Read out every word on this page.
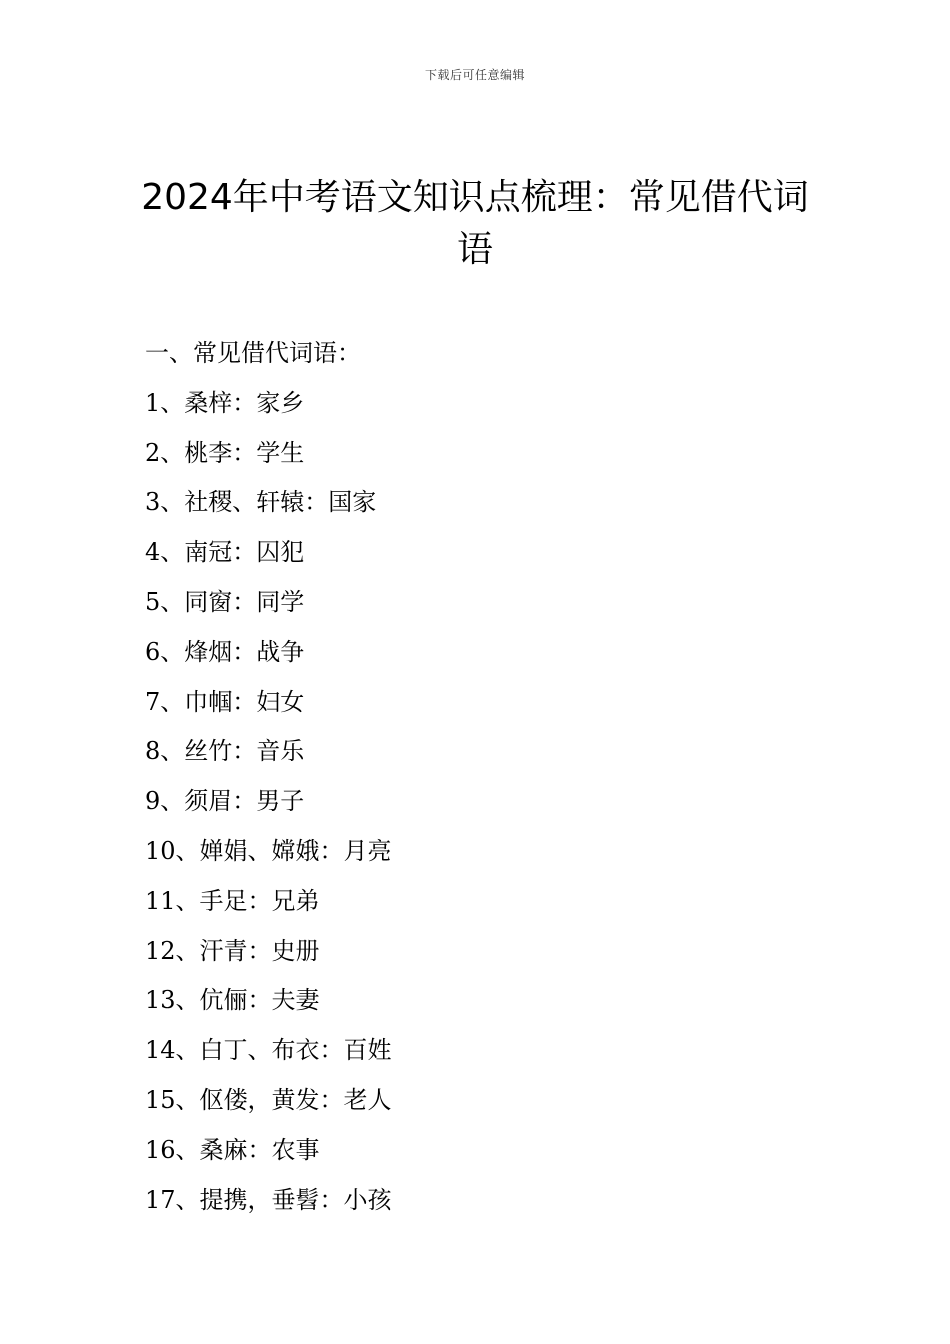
下载后可任意编辑
2024年中考语文知识点梳理：常见借代词语

一、常见借代词语：

1、桑梓：家乡
2、桃李：学生
3、社稷、轩辕：国家
4、南冠：囚犯
5、同窗：同学
6、烽烟：战争
7、巾帼：妇女
8、丝竹：音乐
9、须眉：男子
10、婵娟、嫦娥：月亮
11、手足：兄弟
12、汗青：史册
13、伉俪：夫妻
14、白丁、布衣：百姓
15、伛偻，黄发：老人
16、桑麻：农事
17、提携，垂髫：小孩
